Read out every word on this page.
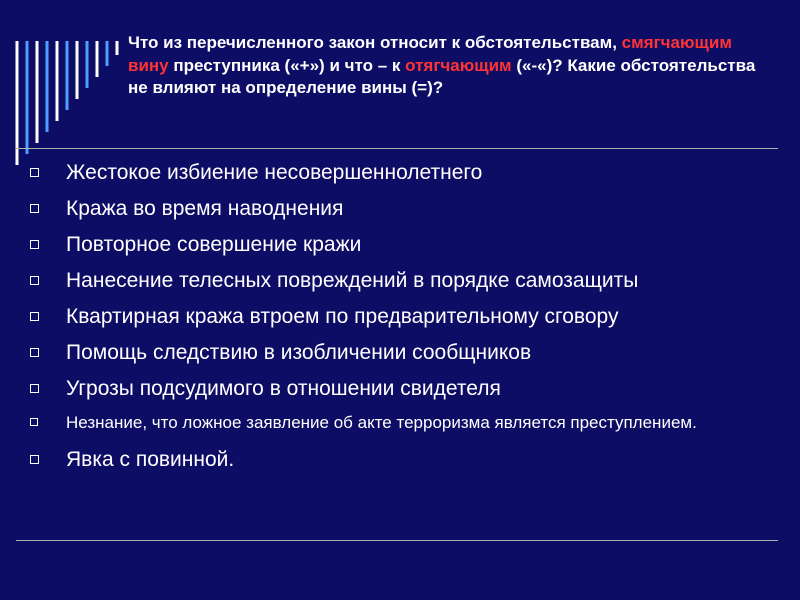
Что из перечисленного закон относит к обстоятельствам, смягчающим вину преступника («+») и что – к отягчающим («-«)? Какие обстоятельства не влияют на определение вины (=)?
Жестокое избиение несовершеннолетнего
Кража во время наводнения
Повторное совершение кражи
Нанесение телесных повреждений в порядке самозащиты
Квартирная кража втроем по предварительному сговору
Помощь следствию в изобличении сообщников
Угрозы подсудимого в отношении свидетеля
Незнание, что ложное заявление об акте терроризма является преступлением.
Явка с повинной.
